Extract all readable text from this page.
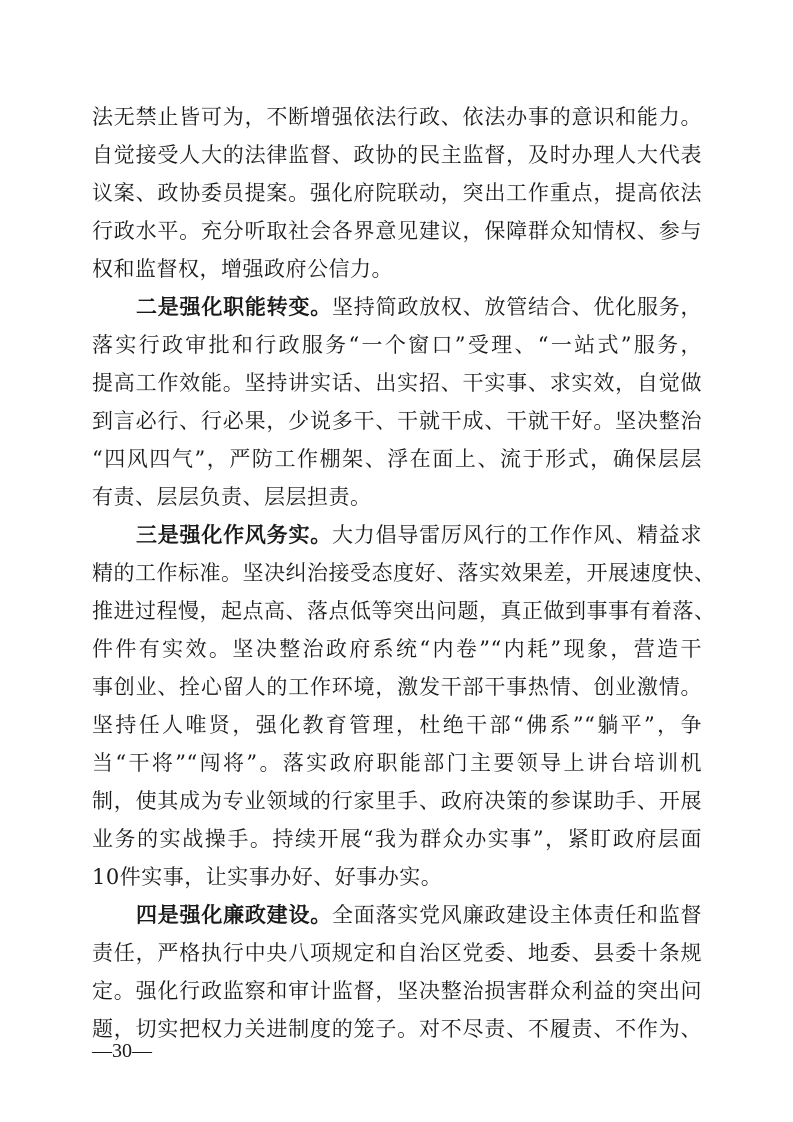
法无禁止皆可为，不断增强依法行政、依法办事的意识和能力。
自觉接受人大的法律监督、政协的民主监督，及时办理人大代表
议案、政协委员提案。强化府院联动，突出工作重点，提高依法
行政水平。充分听取社会各界意见建议，保障群众知情权、参与
权和监督权，增强政府公信力。
二是强化职能转变。坚持简政放权、放管结合、优化服务，
落实行政审批和行政服务“一个窗口”受理、“一站式”服务，
提高工作效能。坚持讲实话、出实招、干实事、求实效，自觉做
到言必行、行必果，少说多干、干就干成、干就干好。坚决整治
“四风四气”，严防工作棚架、浮在面上、流于形式，确保层层
有责、层层负责、层层担责。
三是强化作风务实。大力倡导雷厉风行的工作作风、精益求
精的工作标准。坚决纠治接受态度好、落实效果差，开展速度快、
推进过程慢，起点高、落点低等突出问题，真正做到事事有着落、
件件有实效。坚决整治政府系统“内卷”“内耗”现象，营造干
事创业、拴心留人的工作环境，激发干部干事热情、创业激情。
坚持任人唯贤，强化教育管理，杜绝干部“佛系”“躺平”，争
当“干将”“闯将”。落实政府职能部门主要领导上讲台培训机
制，使其成为专业领域的行家里手、政府决策的参谋助手、开展
业务的实战操手。持续开展“我为群众办实事”，紧盯政府层面
10件实事，让实事办好、好事办实。
四是强化廉政建设。全面落实党风廉政建设主体责任和监督
责任，严格执行中央八项规定和自治区党委、地委、县委十条规
定。强化行政监察和审计监督，坚决整治损害群众利益的突出问
题，切实把权力关进制度的笼子。对不尽责、不履责、不作为、
—30—
